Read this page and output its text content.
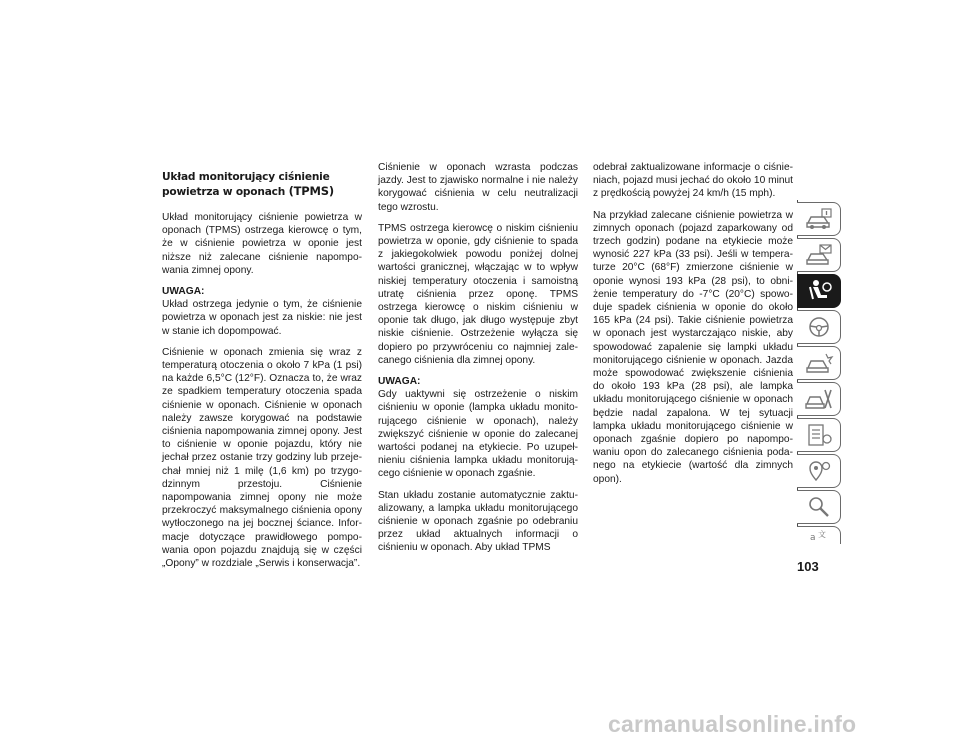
Układ monitorujący ciśnienie powietrza w oponach (TPMS)

Układ monitorujący ciśnienie powietrza w oponach (TPMS) ostrzega kierowcę o tym, że w ciśnienie powietrza w oponie jest niższe niż zalecane ciśnienie napompo-wania zimnej opony.

UWAGA:

Układ ostrzega jedynie o tym, że ciśnienie powietrza w oponach jest za niskie: nie jest w stanie ich dopompować.

Ciśnienie w oponach zmienia się wraz z temperaturą otoczenia o około 7 kPa (1 psi) na każde 6,5°C (12°F). Oznacza to, że wraz ze spadkiem temperatury otoczenia spada ciśnienie w oponach. Ciśnienie w oponach należy zawsze korygować na podstawie ciśnienia napompowania zimnej opony. Jest to ciśnienie w oponie pojazdu, który nie jechał przez ostanie trzy godziny lub przeje-chał mniej niż 1 milę (1,6 km) po trzygo-dzinnym przestoju. Ciśnienie napompowania zimnej opony nie może przekroczyć maksymalnego ciśnienia opony wytłoczonego na jej bocznej ściance. Infor-macje dotyczące prawidłowego pompo-wania opon pojazdu znajdują się w części „Opony” w rozdziale „Serwis i konserwacja”.

Ciśnienie w oponach wzrasta podczas jazdy. Jest to zjawisko normalne i nie należy korygować ciśnienia w celu neutralizacji tego wzrostu.

TPMS ostrzega kierowcę o niskim ciśnieniu powietrza w oponie, gdy ciśnienie to spada z jakiegokolwiek powodu poniżej dolnej wartości granicznej, włączając w to wpływ niskiej temperatury otoczenia i samoistną utratę ciśnienia przez oponę. TPMS ostrzega kierowcę o niskim ciśnieniu w oponie tak długo, jak długo występuje zbyt niskie ciśnienie. Ostrzeżenie wyłącza się dopiero po przywróceniu co najmniej zale-canego ciśnienia dla zimnej opony.

UWAGA:

Gdy uaktywni się ostrzeżenie o niskim ciśnieniu w oponie (lampka układu monito-rującego ciśnienie w oponach), należy zwiększyć ciśnienie w oponie do zalecanej wartości podanej na etykiecie. Po uzupeł-nieniu ciśnienia lampka układu monitorują-cego ciśnienie w oponach zgaśnie.

Stan układu zostanie automatycznie zaktu-alizowany, a lampka układu monitorującego ciśnienie w oponach zgaśnie po odebraniu przez układ aktualnych informacji o ciśnieniu w oponach. Aby układ TPMS

odebrał zaktualizowane informacje o ciśnie-niach, pojazd musi jechać do około 10 minut z prędkością powyżej 24 km/h (15 mph).

Na przykład zalecane ciśnienie powietrza w zimnych oponach (pojazd zaparkowany od trzech godzin) podane na etykiecie może wynosić 227 kPa (33 psi). Jeśli w tempera-turze 20°C (68°F) zmierzone ciśnienie w oponie wynosi 193 kPa (28 psi), to obni-żenie temperatury do -7°C (20°C) spowo-duje spadek ciśnienia w oponie do około 165 kPa (24 psi). Takie ciśnienie powietrza w oponach jest wystarczająco niskie, aby spowodować zapalenie się lampki układu monitorującego ciśnienie w oponach. Jazda może spowodować zwiększenie ciśnienia do około 193 kPa (28 psi), ale lampka układu monitorującego ciśnienie w oponach będzie nadal zapalona. W tej sytuacji lampka układu monitorującego ciśnienie w oponach zgaśnie dopiero po napompo-waniu opon do zalecanego ciśnienia poda-nego na etykiecie (wartość dla zimnych opon).

a 文
103
carmanualsonline.info
